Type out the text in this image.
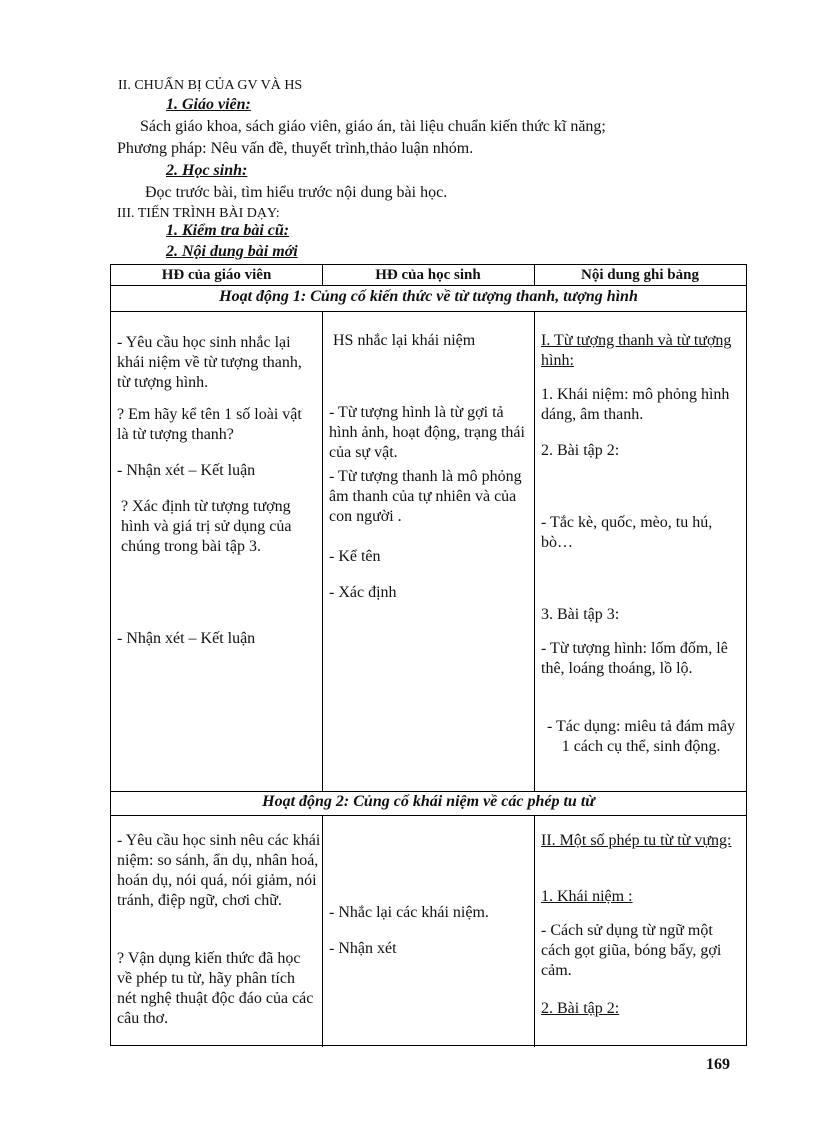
II. CHUẨN BỊ CỦA GV VÀ HS
1. Giáo viên:
Sách giáo khoa, sách giáo viên, giáo án, tài liệu chuẩn kiến thức kĩ năng;
Phương pháp: Nêu vấn đề, thuyết trình,thảo luận nhóm.
2. Học sinh:
Đọc trước bài, tìm hiểu trước nội dung bài học.
III. TIẾN TRÌNH BÀI DẠY:
1. Kiểm tra bài cũ:
2. Nội dung bài mới
HĐ của giáo viên	HĐ của học sinh	Nội dung ghi bảng
Hoạt động 1: Củng cố kiến thức về từ tượng thanh, tượng hình
- Yêu cầu học sinh nhắc lại khái niệm về từ tượng thanh, từ tượng hình.
? Em hãy kể tên 1 số loài vật là từ tượng thanh?
- Nhận xét – Kết luận
? Xác định từ tượng tượng hình và giá trị sử dụng của chúng trong bài tập 3.
- Nhận xét – Kết luận
HS nhắc lại khái niệm
- Từ tượng hình là từ gợi tả hình ảnh, hoạt động, trạng thái của sự vật.
- Từ tượng thanh là mô phỏng âm thanh của tự nhiên và của con người .
- Kể tên
- Xác định
I. Từ tượng thanh và từ tượng hình:
1. Khái niệm: mô phỏng hình dáng, âm thanh.
2. Bài tập 2:
- Tắc kè, quốc, mèo, tu hú, bò…
3. Bài tập 3:
- Từ tượng hình: lốm đốm, lê thê, loáng thoáng, lồ lộ.
- Tác dụng: miêu tả đám mây 1 cách cụ thể, sinh động.
Hoạt động 2: Củng cố khái niệm về các phép tu từ
- Yêu cầu học sinh nêu các khái niệm: so sánh, ẩn dụ, nhân hoá, hoán dụ, nói quá, nói giảm, nói tránh, điệp ngữ, chơi chữ.
? Vận dụng kiến thức đã học về phép tu từ, hãy phân tích nét nghệ thuật độc đáo của các câu thơ.
- Nhắc lại các khái niệm.
- Nhận xét
II. Một số phép tu từ từ vựng:
1. Khái niệm :
- Cách sử dụng từ ngữ một cách gọt giũa, bóng bẩy, gợi cảm.
2. Bài tập 2:
169
